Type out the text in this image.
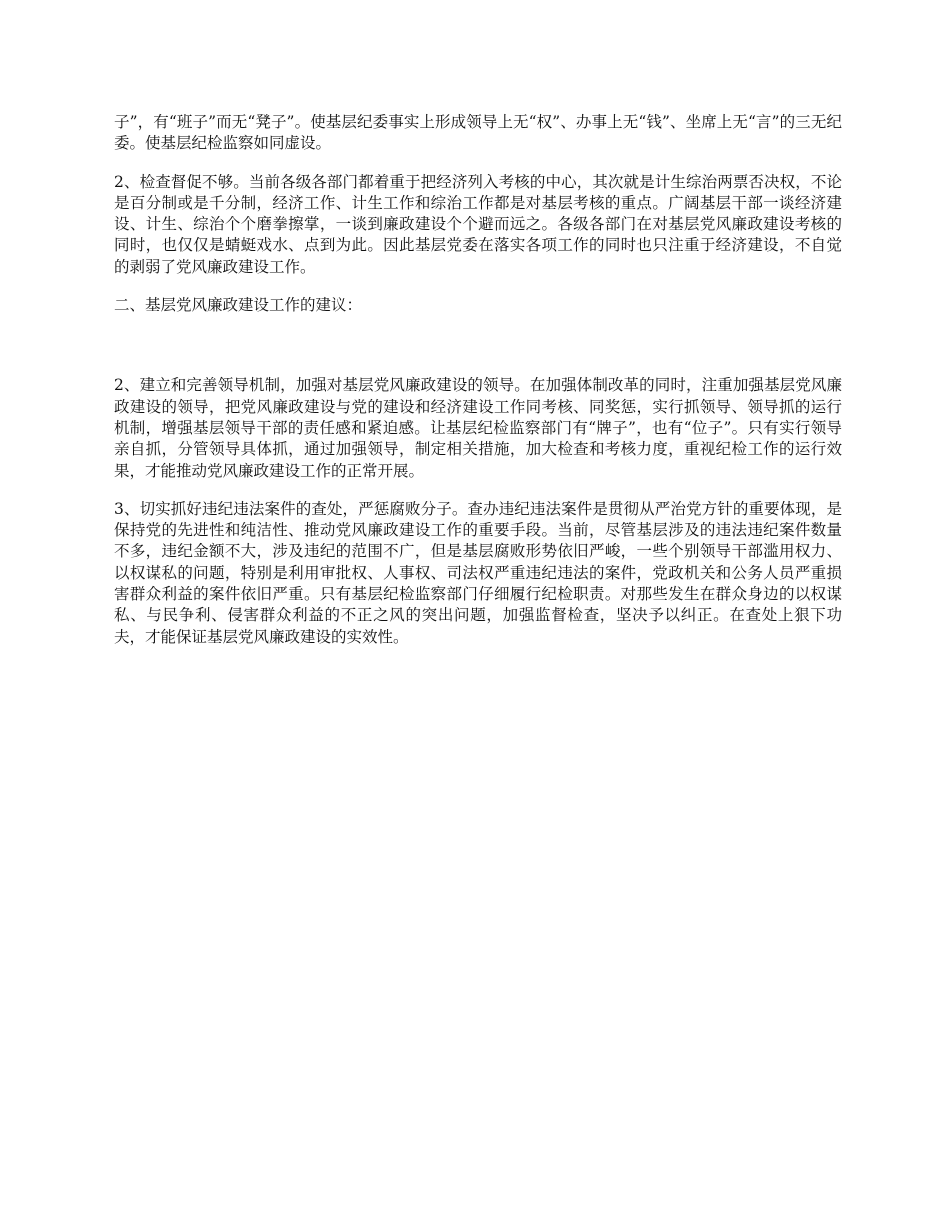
子”，有“班子”而无“凳子”。使基层纪委事实上形成领导上无“权”、办事上无“钱”、坐席上无“言”的三无纪委。使基层纪检监察如同虚设。

2、检查督促不够。当前各级各部门都着重于把经济列入考核的中心，其次就是计生综治两票否决权，不论是百分制或是千分制，经济工作、计生工作和综治工作都是对基层考核的重点。广阔基层干部一谈经济建设、计生、综治个个磨拳擦掌，一谈到廉政建设个个避而远之。各级各部门在对基层党风廉政建设考核的同时，也仅仅是蜻蜓戏水、点到为此。因此基层党委在落实各项工作的同时也只注重于经济建设，不自觉的剥弱了党风廉政建设工作。

二、基层党风廉政建设工作的建议：

2、建立和完善领导机制，加强对基层党风廉政建设的领导。在加强体制改革的同时，注重加强基层党风廉政建设的领导，把党风廉政建设与党的建设和经济建设工作同考核、同奖惩，实行抓领导、领导抓的运行机制，增强基层领导干部的责任感和紧迫感。让基层纪检监察部门有“牌子”，也有“位子”。只有实行领导亲自抓，分管领导具体抓，通过加强领导，制定相关措施，加大检查和考核力度，重视纪检工作的运行效果，才能推动党风廉政建设工作的正常开展。

3、切实抓好违纪违法案件的查处，严惩腐败分子。查办违纪违法案件是贯彻从严治党方针的重要体现，是保持党的先进性和纯洁性、推动党风廉政建设工作的重要手段。当前，尽管基层涉及的违法违纪案件数量不多，违纪金额不大，涉及违纪的范围不广，但是基层腐败形势依旧严峻，一些个别领导干部滥用权力、以权谋私的问题，特别是利用审批权、人事权、司法权严重违纪违法的案件，党政机关和公务人员严重损害群众利益的案件依旧严重。只有基层纪检监察部门仔细履行纪检职责。对那些发生在群众身边的以权谋私、与民争利、侵害群众利益的不正之风的突出问题，加强监督检查，坚决予以纠正。在查处上狠下功夫，才能保证基层党风廉政建设的实效性。
